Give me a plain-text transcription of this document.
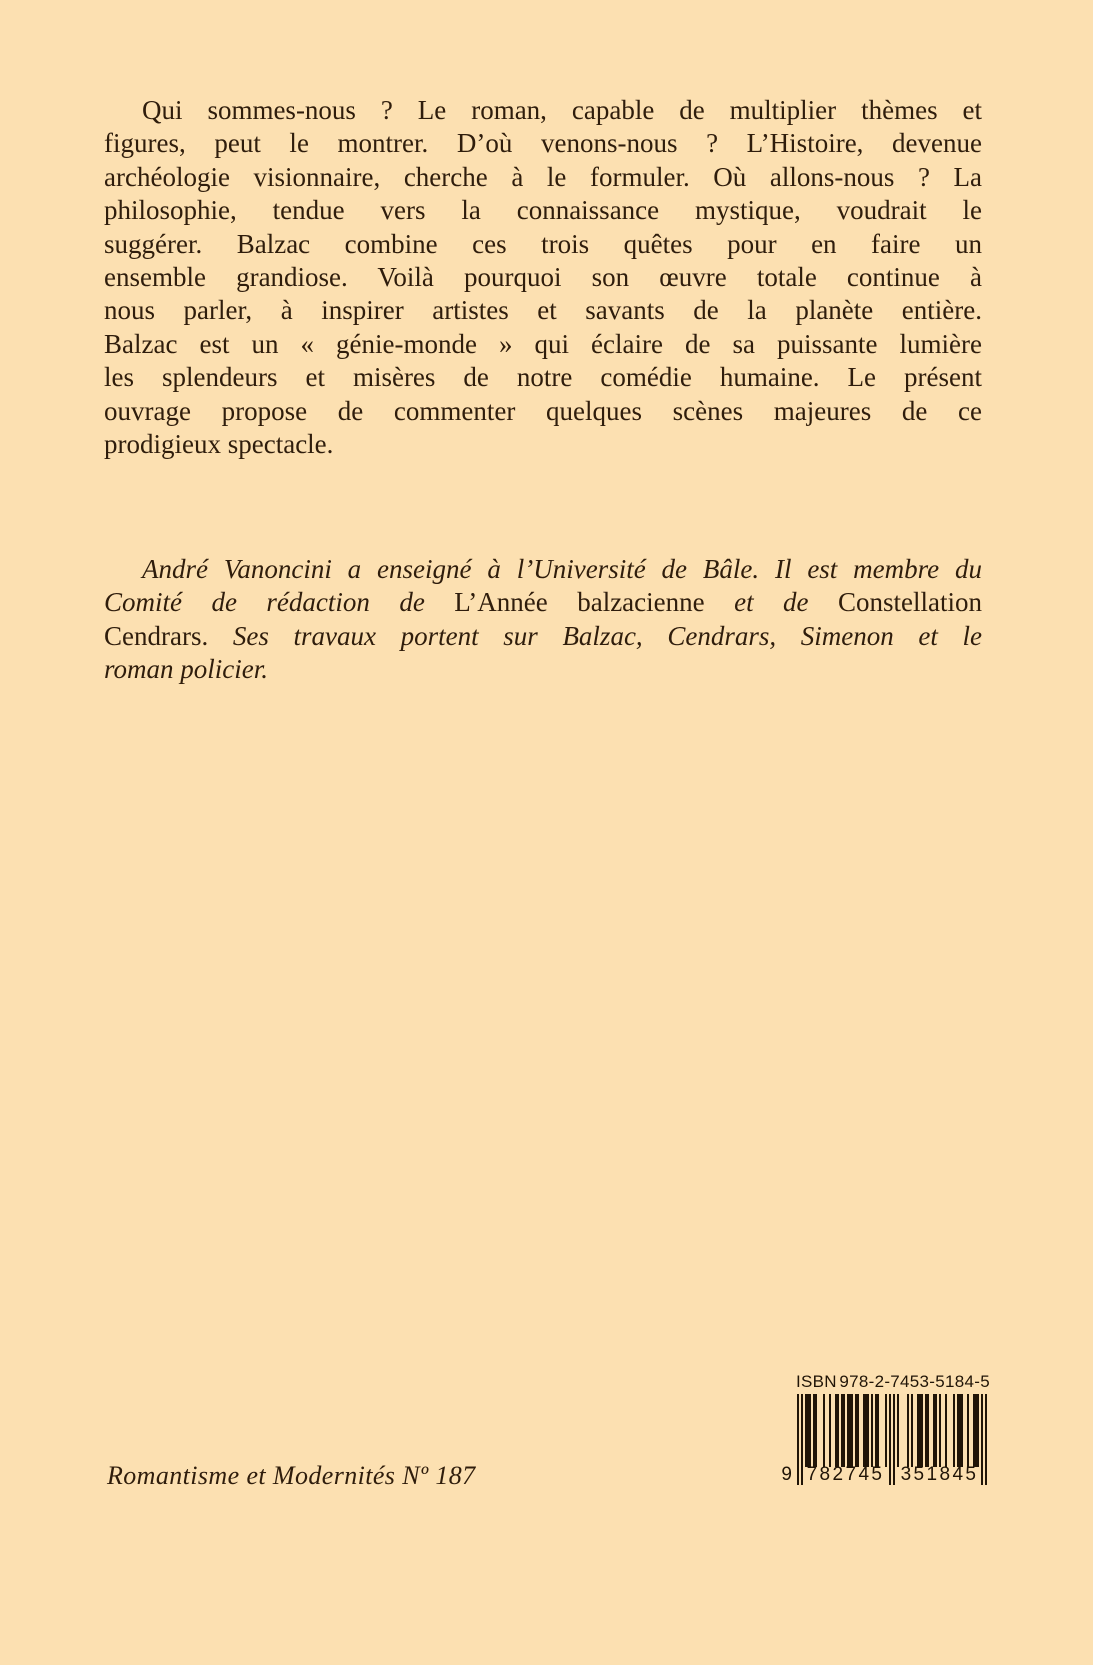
Qui sommes-nous ? Le roman, capable de multiplier thèmes et
figures, peut le montrer. D’où venons-nous ? L’Histoire, devenue
archéologie visionnaire, cherche à le formuler. Où allons-nous ? La
philosophie, tendue vers la connaissance mystique, voudrait le
suggérer. Balzac combine ces trois quêtes pour en faire un
ensemble grandiose. Voilà pourquoi son œuvre totale continue à
nous parler, à inspirer artistes et savants de la planète entière.
Balzac est un « génie-monde » qui éclaire de sa puissante lumière
les splendeurs et misères de notre comédie humaine. Le présent
ouvrage propose de commenter quelques scènes majeures de ce
prodigieux spectacle.
André Vanoncini a enseigné à l’Université de Bâle. Il est membre du
Comité de rédaction de L’Année balzacienne et de Constellation
Cendrars. Ses travaux portent sur Balzac, Cendrars, Simenon et le
roman policier.
Romantisme et Modernités Nº 187
ISBN 978-2-7453-5184-5
9 782745 351845
